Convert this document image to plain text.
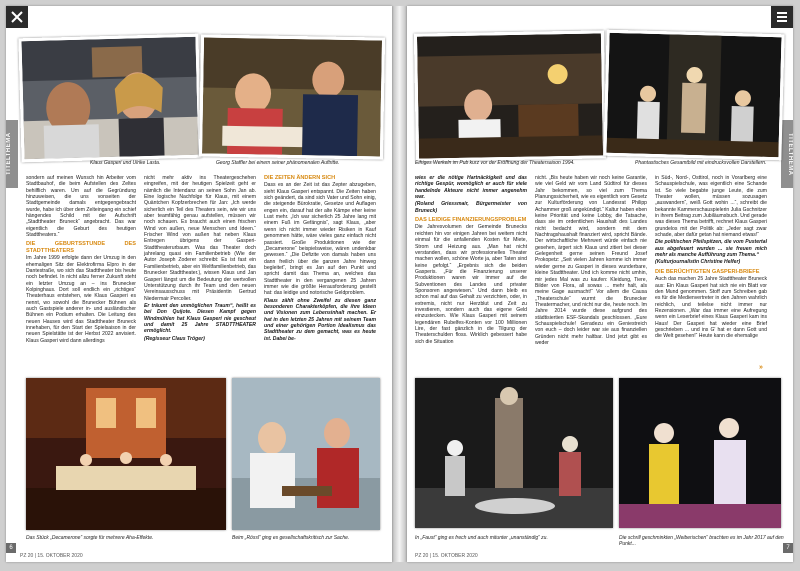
TITELTHEMA	Klaus Gasperi und Ulrike Lasta.	Georg Staffler bei einem seiner phänomenalen Auftritte.

sondern auf meinen Wunsch hin Arbeiter vom Stadtbauhof, die beim Aufstellen des Zeltes behilflich waren. Um auf die Gegründung hinzuweisen, die uns vonseiten der Stadtgemeinde damals entgegengebracht wurde, habe ich über dem Zelteingang ein schief hängendes Schild mit der Aufschrift „Stadttheater Bruneck“ angebracht. Das war eigentlich die Geburt des heutigen Stadttheaters.“

DIE GEBURTSSTUNDE DES STADTTHEATERS

Im Jahre 1999 erfolgte dann der Umzug in den ehemaligen Sitz der Elektrofirma Elpro in der Dantestraße, wo sich das Stadttheater bis heute noch befindet. In nicht allzu ferner Zukunft steht ein letzter Umzug an – ins Brunecker Kolpinghaus. Dort soll endlich ein „richtiges“ Theaterhaus entstehen, wie Klaus Gasperi es nennt, wo sowohl die Brunecker Bühnen als auch Gastspiele anderer in- und ausländischer Bühnen ein Podium erhalten. Die Leitung des neuen Hauses wird das Stadttheater Bruneck innehaben, für den Start der Spielsaison in der neuen Spielstätte ist der Herbst 2022 anvisiert. Klaus Gasperi wird dann allerdings

nicht mehr aktiv ins Theatergeschehen eingreifen, mit der heutigen Spielzeit geht er nämlich die Intendanz an seinen Sohn Jan ab. Eine logische Nachfolge für Klaus, mit einem Quäntchen Kopfzerbrechen für Jan: „Ich werde sicherlich ein Teil des Theaters sein, wie wir uns aber teamfähig genau aufstellen, müssen wir noch schauen. Es braucht auch einen frischen Wind von außen, neue Menschen und Ideen.“ Frischer Wind von außen hat neben Klaus Entregen übrigens der Gasperi-Stadttheaterurbaum. Was das Theater doch jahrelang quasi ein Familienbetrieb (Wie der Autor Joseph Zoderer schreibt: Es ist fast ein Familienbetrieb, aber ein Weltfamilienbetrieb, das Brunecker Stadttheater.), wissen Klaus und Jan Gasperi längst um die Bedeutung der wertvollen Unterstützung durch ihr Team und den neuen Vereinsausschuss mit Präsidentin Gertrud Niedermair Percolier.

Er träumt den unmöglichen Traum“, heißt es bei Don Quijote. Diesen Kampf gegen Windmühlen hat Klaus Gasperi nie gescheut und damit 25 Jahre STADTTHEATER ermöglicht.

(Regisseur Claus Tröger)

DIE ZEITEN ÄNDERN SICH

Dass es an der Zeit ist das Zepter abzugeben, sieht Klaus Gasperi entspannt. Die Zeiten haben sich geändert, da sind sich Vater und Sohn einig, die steigende Bürokratie, Gesetze und Auflagen engen ein, darauf hat der alte Kämpe eher keine Lust mehr. „Ich war sicherlich 25 Jahre lang mit einem Fuß im Gefängnis“, sagt Klaus, „aber wenn ich nicht immer wieder Risiken in Kauf genommen hätte, wäre vieles ganz einfach nicht passiert. Große Produktionen wie der „Decamerone“ beispielsweise, wären undenkbar gewesen.“ „Die Defizite von damals haben uns dann freilich über die ganzen Jahre hinweg begleitet“, bringt es Jan auf den Punkt und spricht damit das Thema an, welches das Stadttheater in den vergangenen 25 Jahren immer wie die größte Herausforderung gestellt hat: das leidige und notorische Geldproblem.

Klaus zählt ohne Zweifel zu diesen ganz besonderen Charakterköpfen, die ihre Ideen und Visionen zum Lebensinhalt machen. Er hat in den letzten 25 Jahren mit seinem Team und einer gehörigen Portion Idealismus das Stadttheater zu dem gemacht, was es heute ist. Dabei be-

Das Stück „Decamerone“ sorgte für mehrere Aha-Effekte.	Beim „Rössl“ ging es gesellschaftskritisch zur Sache.
6
PZ 20 | 15. OKTOBER 2020
TITELTHEMA
Eifriges Werkeln im Pub kurz vor der Eröffnung der Theatersaison 1994.	Phantastisches Gesamtbild mit eindrucksvollen Darstellern.

wies er die nötige Hartnäckigkeit und das richtige Gespür, womöglich er auch für viele handelnde Akteure nicht immer angenehm war.

(Roland Griessmair, Bürgermeister von Bruneck)

DAS LEIDIGE FINANZIERUNGSPROBLEM

Die Jahresvolumen der Gemeinde Brunecks reichten hin vor einigen Jahren bei weitem nicht einmal für die anfallenden Kosten für Miete, Strom und Heizung aus. „Man hat nicht verstanden, dass wir professionelles Theater machen wollen, schöne Worte ja, aber Taten sind keine gefolgt.“ „Ergebnis sich die beiden Gasperis. „Für die Finanzierung unserer Produktionen waren wir immer auf die Subventionen des Landes und privater Sponsoren angewiesen.“ Und dann bleib es schon mal auf das Gehalt zu verzichten, oder, in extremis, nicht nur Herzblut und Zeit zu investieren, sondern auch das eigene Geld einzustecken. Wie Klaus Gasperi mit seinem legendären Rubelfes-Konten vor 100 Millionen Lire, der fast gänzlich in die Tilgung der Theaterschulden floss. Wirklich gebessert habe sich die Situation

nicht. „Bis heute haben wir noch keine Garantie, wie viel Geld wir vom Land Südtirol für dieses Jahr bekommen, so viel zum Thema Planungssicherheit, wie es eigentlich vom Gesetz zur Kulturförderung von Landesrat Philipp Achammer groß angekündigt.“ Kaltur haben eben keine Priorität und keine Lobby, die Tatsache, dass sie im ordentlichen Haushalt des Landes nicht bedacht wird, sondern mit dem Nachtragshaushalt finanziert wird, spricht Bände. Der wirtschaftliche Mehrwert würde einfach nie gesehen, ärgert sich Klaus und zitiert bei dieser Gelegenheit gerne seinen Freund Josef Prokopetz: „Seit vielen Jahren komme ich immer wieder gerne zu Gasperi in dieses wunderbare, kleine Stadttheater. Und ich komme nicht umhin, mir jedes Mal was zu kaufen: Kleidung, Tiere, Bilder von Flora, all sowas ... mehr halt, als meine Gage ausmacht!“ Vor allem die Causa „Theaterschule“ wurmt die Brunecker Theatermacher, und nicht nur die, heute noch. Im Jahre 2014 wurde diese aufgrund des städtisiertien ESF-Skandals geschlossen. „Eure Schauspielschule! Geradezu ein Geniestreich von euch – doch leider war sie aus finanziellen Gründen nicht mehr haltbar. Und jetzt gibt es weder

in Süd-, Nord-, Osttirol, noch in Vorarlberg eine Schauspielschule, was eigentlich eine Schande ist. So viele begabte junge Leute, die zum Theater wollen, müssen sozusagen „auswandern“, weiß Gott wohin ...“, schreibt die bekannte Kammerschauspielerin Julia Gschnitzer in ihrem Beitrag zum Jubiläumsbuch. Und gerade was dieses Thema betrifft, rechnet Klaus Gasperi grundelos mit der Politik ab: „Jeder sagt zwar schade, aber dafür getan hat niemand etwas!“

Die politischen Pfeilspitzen, die vom Pustertal aus abgefeuert wurden ... sie freuen mich mehr als manche Aufführung zum Thema.“

(Kulturjournalistin Christine Helfer)

DIE BERÜCHTIGTEN GASPERI-BRIEFE

Auch das machen 25 Jahre Stadttheater Bruneck aus: Ein Klaus Gasperi hat sich nie ein Blatt vor den Mund genommen. Stoff zum Schreiben gab es für die Medienvertreter in den Jahren wahrlich reichlich, und teilelse nicht immer nur Rezensionen. „War das immer eine Aufregung wenn ein Leserbrief eines Klaus Gasperi kam ins Haus! Der Gasperi hat wieder eine Brief geschrieben ... und ins G' hat er dann Gott und die Welt gesehen!“ Heute kann die ehemalige

»
In „Faust“ ging es frech und auch mitunter „unanständig“ zu.	Die schrill geschminkten „Weiberischen“ brachten es im Jahr 2017 auf den Punkt...
7
PZ 20 | 15. OKTOBER 2020
